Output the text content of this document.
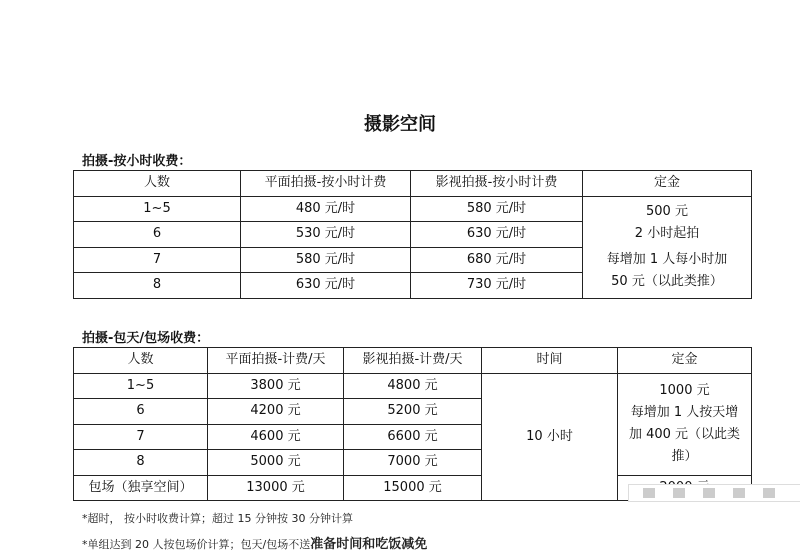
摄影空间
拍摄-按小时收费：
人数	平面拍摄-按小时计费	影视拍摄-按小时计费	定金
1~5	480 元/时	580 元/时	500 元
2 小时起拍
每增加 1 人每小时加
50 元（以此类推）

6	530 元/时	630 元/时	
7	580 元/时	680 元/时	
8	630 元/时	730 元/时	
拍摄-包天/包场收费：
人数	平面拍摄-计费/天	影视拍摄-计费/天	时间	定金
1~5	3800 元	4800 元	10 小时	1000 元
每增加 1 人按天增
加 400 元（以此类
推）

6	4200 元	5200 元		
7	4600 元	6600 元		
8	5000 元	7000 元		
包场（独享空间）	13000 元	15000 元	
*超时， 按小时收费计算；超过 15 分钟按 30 分钟计算
*单组达到 20 人按包场价计算；包天/包场不送准备时间和吃饭减免
